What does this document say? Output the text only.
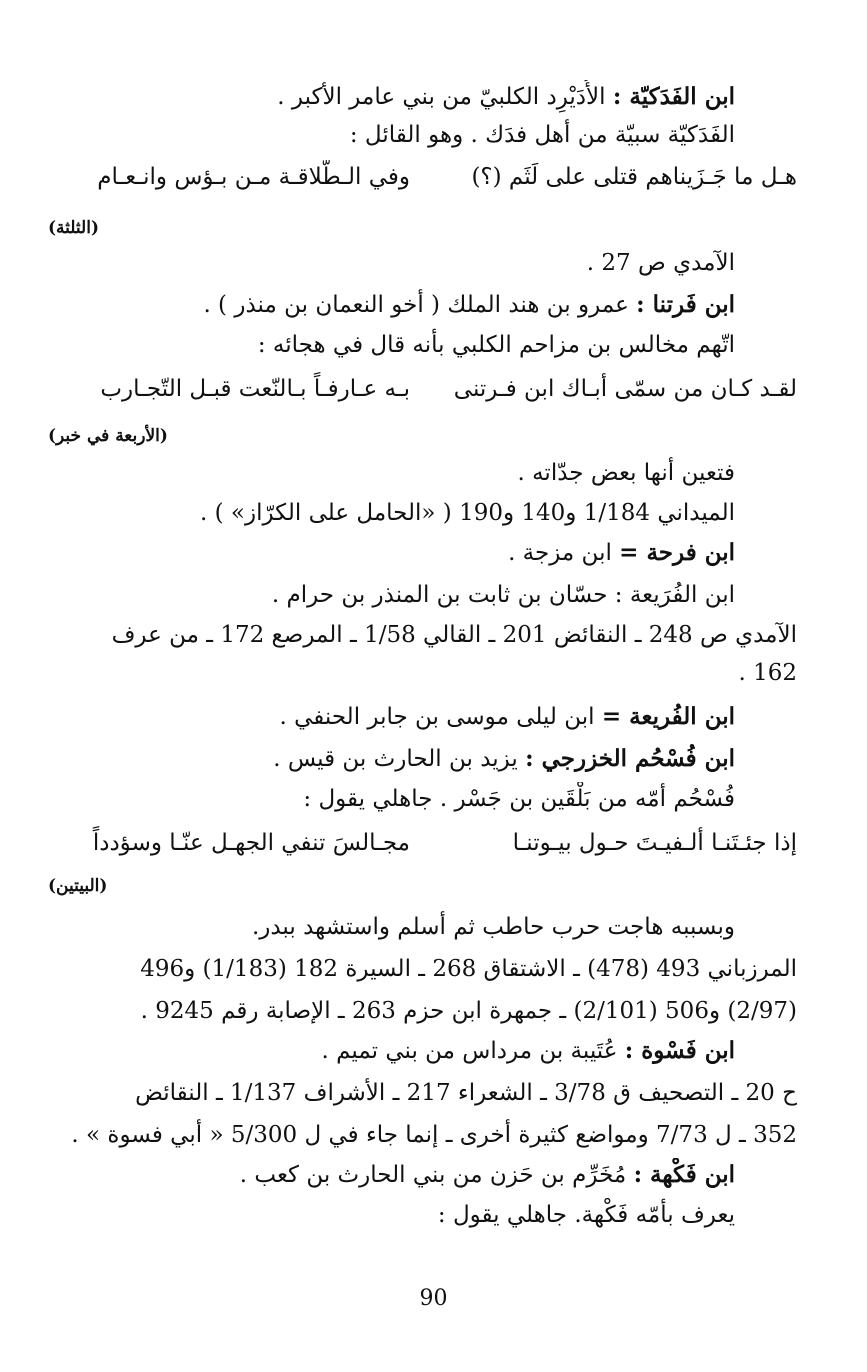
ابن الفَدَكيّة : الأُدَيْرِد الكلبيّ من بني عامر الأكبر .
الفَدَكيّة سبيّة من أهل فدَك . وهو القائل :
هـل ما جَـزَيناهم قتلى على لَثَم (؟)
وفي الـطَّلاقـة مـن بـؤس وانـعـام
(الثلثة)
الآمدي ص 27 .
ابن فَرتنا : عمرو بن هند الملك ( أخو النعمان بن منذر ) .
اتّهم مخالس بن مزاحم الكلبي بأنه قال في هجائه :
لقـد كـان من سمّى أبـاك ابن فـرتنى
بـه عـارفـاً بـالنّعت قبـل التّجـارب
(الأربعة في خبر)
فتعين أنها بعض جدّاته .
الميداني 1/184 و140 و190 ( «الحامل على الكرّاز» ) .
ابن فرحة = ابن مزجة .
ابن الفُرَيعة : حسّان بن ثابت بن المنذر بن حرام .
الآمدي ص 248 ـ النقائض 201 ـ القالي 1/58 ـ المرصع 172 ـ من عرف
162 .
ابن الفُريعة = ابن ليلى موسى بن جابر الحنفي .
ابن فُسْحُم الخزرجي : يزيد بن الحارث بن قيس .
فُسْحُم أمّه من بَلْقَين بن جَسْر . جاهلي يقول :
إذا جئـتَنـا ألـفيـتَ حـول بيـوتنـا
مجـالسَ تنفي الجهـل عنّـا وسؤدداً
(البيتين)
وبسببه هاجت حرب حاطب ثم أسلم واستشهد ببدر.
المرزباني 493 (478) ـ الاشتقاق 268 ـ السيرة 182 (1/183) و496
(2/97) و506 (2/101) ـ جمهرة ابن حزم 263 ـ الإصابة رقم 9245 .
ابن فَسْوة : عُتَيبة بن مرداس من بني تميم .
ح 20 ـ التصحيف ق 3/78 ـ الشعراء 217 ـ الأشراف 1/137 ـ النقائض
352 ـ ل 7/73 ومواضع كثيرة أخرى ـ إنما جاء في ل 5/300 « أبي فسوة » .
ابن فَكْهة : مُخَرِّم بن حَزن من بني الحارث بن كعب .
يعرف بأمّه فَكْهة. جاهلي يقول :
90
